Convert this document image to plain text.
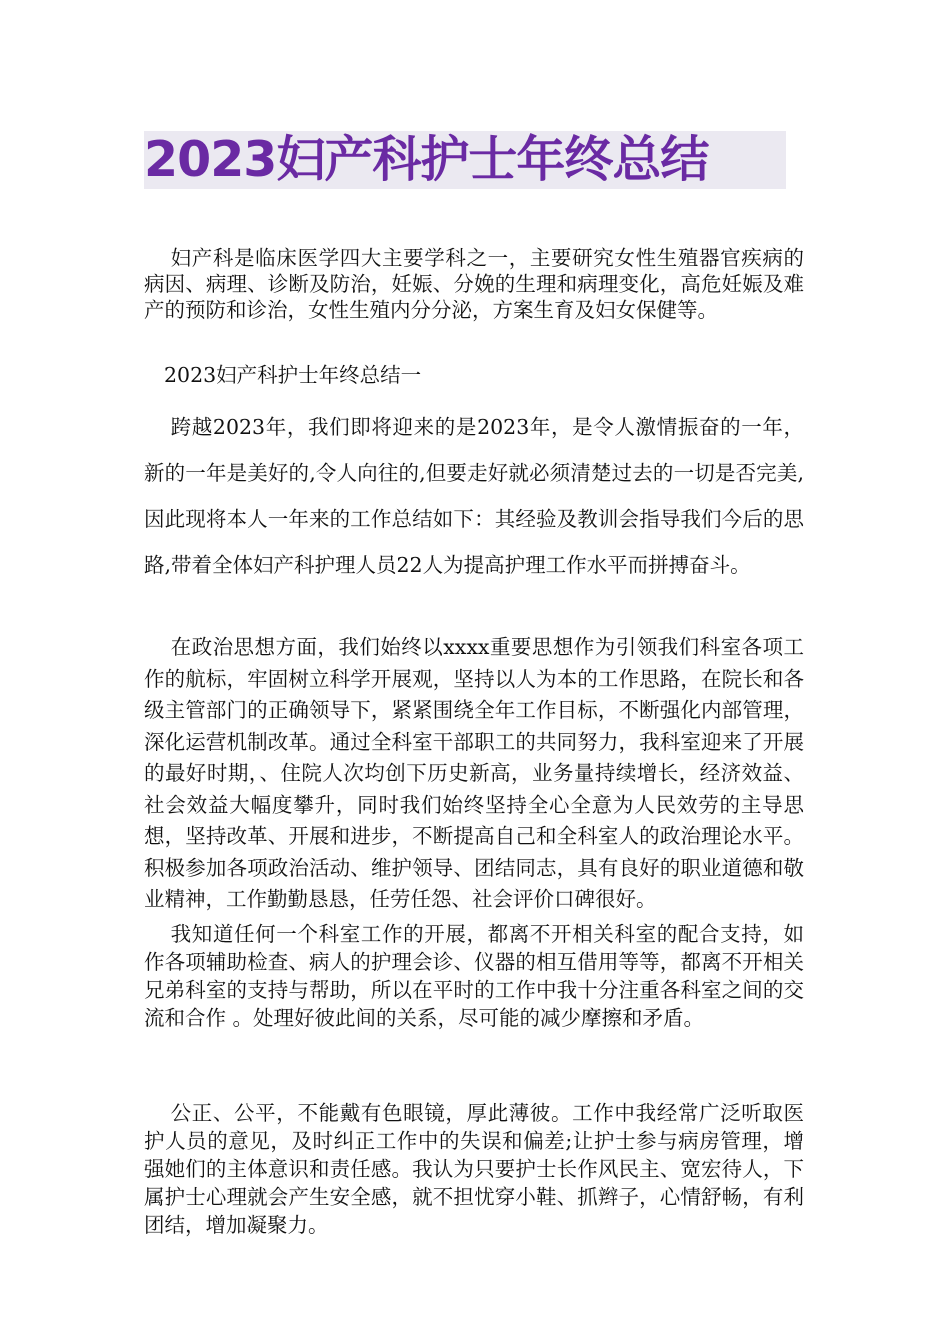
2023妇产科护士年终总结

妇产科是临床医学四大主要学科之一，主要研究女性生殖器官疾病的病因、病理、诊断及防治，妊娠、分娩的生理和病理变化，高危妊娠及难产的预防和诊治，女性生殖内分分泌，方案生育及妇女保健等。

2023妇产科护士年终总结一

跨越2023年，我们即将迎来的是2023年，是令人激情振奋的一年，新的一年是美好的,令人向往的,但要走好就必须清楚过去的一切是否完美,因此现将本人一年来的工作总结如下：其经验及教训会指导我们今后的思路,带着全体妇产科护理人员22人为提高护理工作水平而拼搏奋斗。

在政治思想方面，我们始终以xxxx重要思想作为引领我们科室各项工作的航标，牢固树立科学开展观，坚持以人为本的工作思路，在院长和各级主管部门的正确领导下，紧紧围绕全年工作目标，不断强化内部管理，深化运营机制改革。通过全科室干部职工的共同努力，我科室迎来了开展的最好时期，、住院人次均创下历史新高，业务量持续增长，经济效益、社会效益大幅度攀升，同时我们始终坚持全心全意为人民效劳的主导思想，坚持改革、开展和进步，不断提高自己和全科室人的政治理论水平。积极参加各项政治活动、维护领导、团结同志，具有良好的职业道德和敬业精神，工作勤勤恳恳，任劳任怨、社会评价口碑很好。

我知道任何一个科室工作的开展，都离不开相关科室的配合支持，如作各项辅助检查、病人的护理会诊、仪器的相互借用等等，都离不开相关兄弟科室的支持与帮助，所以在平时的工作中我十分注重各科室之间的交流和合作 。处理好彼此间的关系，尽可能的减少摩擦和矛盾。

公正、公平，不能戴有色眼镜，厚此薄彼。工作中我经常广泛听取医护人员的意见，及时纠正工作中的失误和偏差;让护士参与病房管理，增强她们的主体意识和责任感。我认为只要护士长作风民主、宽宏待人，下属护士心理就会产生安全感，就不担忧穿小鞋、抓辫子，心情舒畅，有利团结，增加凝聚力。
